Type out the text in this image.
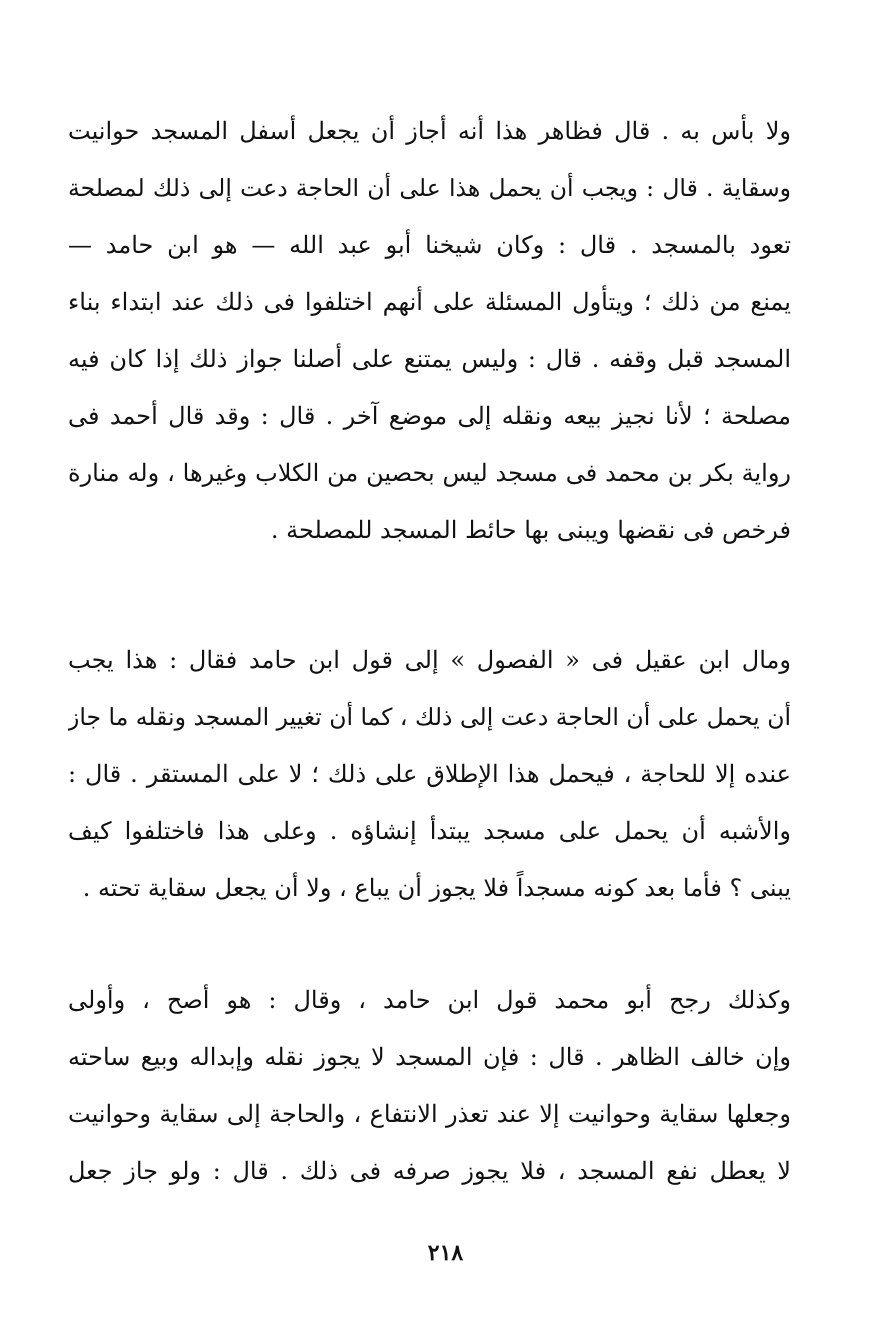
ولا بأس به . قال فظاهر هذا أنه أجاز أن يجعل أسفل المسجد حوانيت
وسقاية . قال : ويجب أن يحمل هذا على أن الحاجة دعت إلى ذلك لمصلحة
تعود بالمسجد . قال : وكان شيخنا أبو عبد الله — هو ابن حامد —
يمنع من ذلك ؛ ويتأول المسئلة على أنهم اختلفوا فى ذلك عند ابتداء بناء
المسجد قبل وقفه . قال : وليس يمتنع على أصلنا جواز ذلك إذا كان فيه
مصلحة ؛ لأنا نجيز بيعه ونقله إلى موضع آخر . قال : وقد قال أحمد فى
رواية بكر بن محمد فى مسجد ليس بحصين من الكلاب وغيرها ، وله منارة
فرخص فى نقضها ويبنى بها حائط المسجد للمصلحة .
ومال ابن عقيل فى « الفصول » إلى قول ابن حامد فقال : هذا يجب
أن يحمل على أن الحاجة دعت إلى ذلك ، كما أن تغيير المسجد ونقله ما جاز
عنده إلا للحاجة ، فيحمل هذا الإطلاق على ذلك ؛ لا على المستقر . قال :
والأشبه أن يحمل على مسجد يبتدأ إنشاؤه . وعلى هذا فاختلفوا كيف
يبنى ؟ فأما بعد كونه مسجداً فلا يجوز أن يباع ، ولا أن يجعل سقاية تحته .
وكذلك رجح أبو محمد قول ابن حامد ، وقال : هو أصح ، وأولى
وإن خالف الظاهر . قال : فإن المسجد لا يجوز نقله وإبداله وبيع ساحته
وجعلها سقاية وحوانيت إلا عند تعذر الانتفاع ، والحاجة إلى سقاية وحوانيت
لا يعطل نفع المسجد ، فلا يجوز صرفه فى ذلك . قال : ولو جاز جعل
٢١٨
